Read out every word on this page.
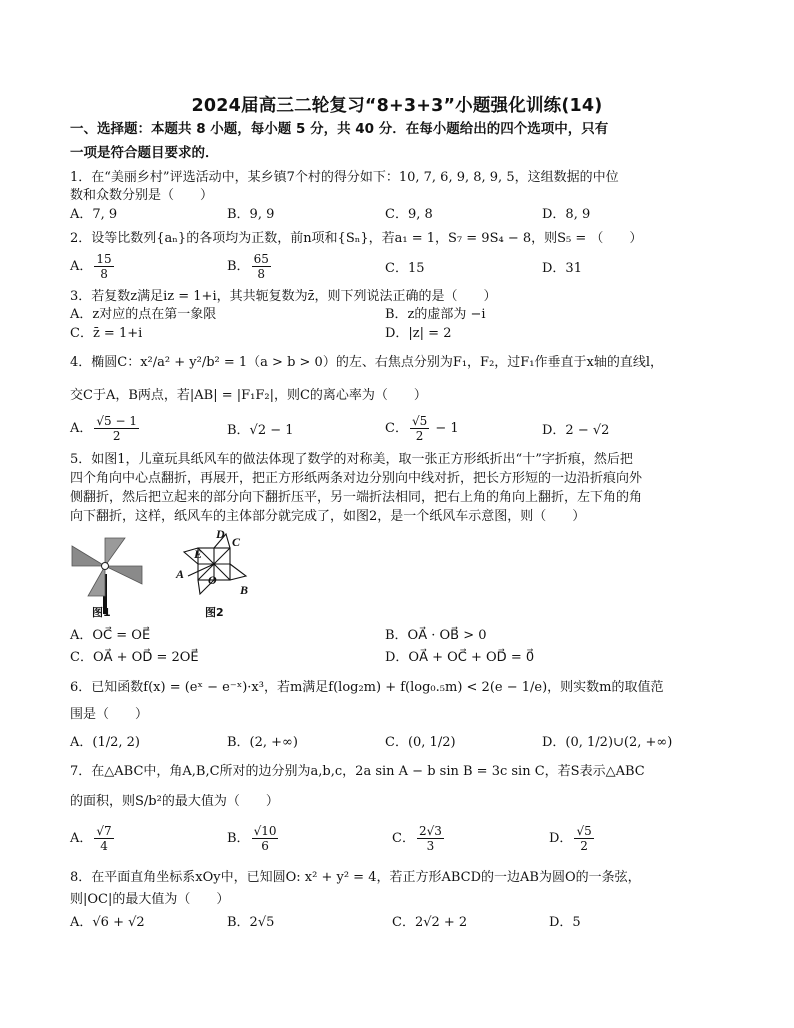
2024届高三二轮复习“8+3+3”小题强化训练(14)
一、选择题：本题共 8 小题，每小题 5 分，共 40 分．在每小题给出的四个选项中，只有
一项是符合题目要求的．
1．在“美丽乡村”评选活动中，某乡镇7个村的得分如下：10, 7, 6, 9, 8, 9, 5，这组数据的中位
数和众数分别是（　　）
A．7, 9	B．9, 9	C．9, 8	D．8, 9
2．设等比数列{aₙ}的各项均为正数，前n项和{Sₙ}，若a₁ = 1，S₇ = 9S₄ − 8，则S₅ = （　　）
A． $\frac{15}{8}$	B． $\frac{65}{8}$	C．15	D．31
3．若复数z满足iz = 1+i，其共轭复数为z̄，则下列说法正确的是（　　）
A．z对应的点在第一象限	B．z的虚部为 −i
C．z̄ = 1+i	D．|z| = 2
4．椭圆C：x²/a² + y²/b² = 1（a > b > 0）的左、右焦点分别为F₁，F₂，过F₁作垂直于x轴的直线l，
交C于A，B两点，若|AB| = |F₁F₂|，则C的离心率为（　　）
A． $\frac{√5 - 1}{2}$	B．√2 − 1	C． $\frac{√5}{2} - 1$	D．2 − √2
5．如图1，儿童玩具纸风车的做法体现了数学的对称美，取一张正方形纸折出“十”字折痕，然后把
四个角向中心点翻折，再展开，把正方形纸两条对边分别向中线对折，把长方形短的一边沿折痕向外
侧翻折，然后把立起来的部分向下翻折压平，另一端折法相同，把右上角的角向上翻折，左下角的角
向下翻折，这样，纸风车的主体部分就完成了，如图2，是一个纸风车示意图，则（　　）
图1
D
C
E
A O
B
图2
A．OC⃗ = OE⃗	B．OA⃗ · OB⃗ > 0
C．OA⃗ + OD⃗ = 2OE⃗	D．OA⃗ + OC⃗ + OD⃗ = 0⃗
6．已知函数f(x) = (eˣ − e⁻ˣ)·x³，若m满足f(log₂m) + f(log₀.₅m) < 2(e − 1/e)，则实数m的取值范
围是（　　）
A．(1/2, 2)	B．(2, +∞)	C．(0, 1/2)	D．(0, 1/2)∪(2, +∞)
7．在△ABC中，角A,B,C所对的边分别为a,b,c，2a sin A − b sin B = 3c sin C，若S表示△ABC
的面积，则S/b²的最大值为（　　）
A． $\frac{√7}{4}$	B． $\frac{√10}{6}$	C． $\frac{2√3}{3}$	D． $\frac{√5}{2}$
8．在平面直角坐标系xOy中，已知圆O: x² + y² = 4，若正方形ABCD的一边AB为圆O的一条弦，
则|OC|的最大值为（　　）
A．√6 + √2	B．2√5	C．2√2 + 2	D．5
